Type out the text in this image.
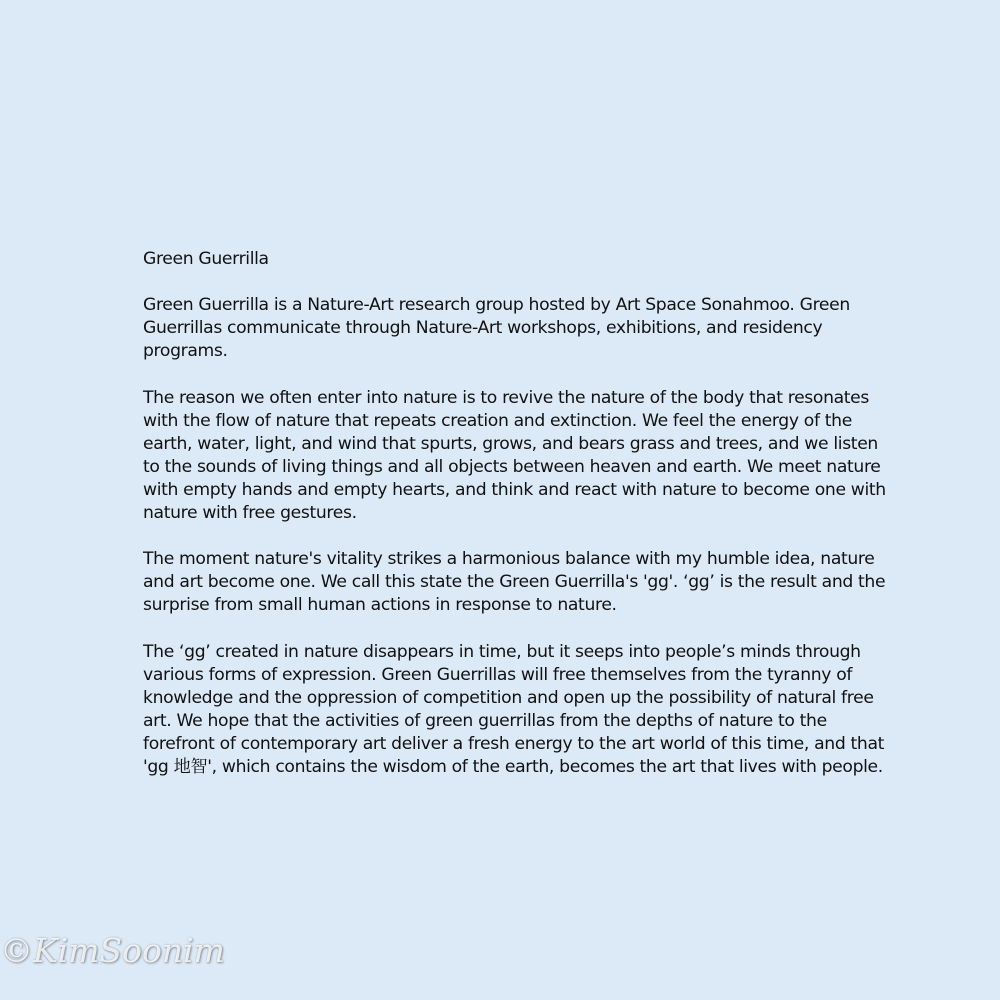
Green Guerrilla

Green Guerrilla is a Nature-Art research group hosted by Art Space Sonahmoo. Green Guerrillas communicate through Nature-Art workshops, exhibitions, and residency programs.

The reason we often enter into nature is to revive the nature of the body that resonates with the flow of nature that repeats creation and extinction. We feel the energy of the earth, water, light, and wind that spurts, grows, and bears grass and trees, and we listen to the sounds of living things and all objects between heaven and earth. We meet nature with empty hands and empty hearts, and think and react with nature to become one with nature with free gestures.

The moment nature's vitality strikes a harmonious balance with my humble idea, nature and art become one. We call this state the Green Guerrilla's 'gg'. ‘gg’ is the result and the surprise from small human actions in response to nature.

The ‘gg’ created in nature disappears in time, but it seeps into people’s minds through various forms of expression. Green Guerrillas will free themselves from the tyranny of knowledge and the oppression of competition and open up the possibility of natural free art. We hope that the activities of green guerrillas from the depths of nature to the forefront of contemporary art deliver a fresh energy to the art world of this time, and that 'gg 地智', which contains the wisdom of the earth, becomes the art that lives with people.

©KimSoonim
